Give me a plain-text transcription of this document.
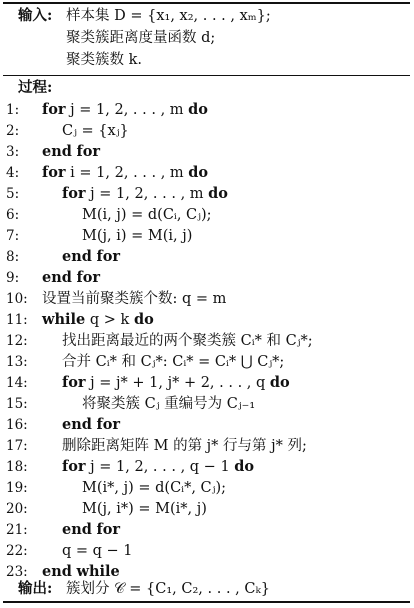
输入: 样本集 D = {x₁, x₂, . . . , xₘ};
聚类簇距离度量函数 d;
聚类簇数 k.
过程:
1:	for j = 1, 2, . . . , m do
2:	Cⱼ = {xⱼ}
3:	end for
4:	for i = 1, 2, . . . , m do
5:	for j = 1, 2, . . . , m do
6:	M(i, j) = d(Cᵢ, Cⱼ);
7:	M(j, i) = M(i, j)
8:	end for
9:	end for
10: 设置当前聚类簇个数: q = m
11: while q > k do
12:	找出距离最近的两个聚类簇 Cᵢ* 和 Cⱼ*;
13:	合并 Cᵢ* 和 Cⱼ*: Cᵢ* = Cᵢ* ⋃ Cⱼ*;
14:	for j = j* + 1, j* + 2, . . . , q do
15:	将聚类簇 Cⱼ 重编号为 Cⱼ₋₁
16:	end for
17:	删除距离矩阵 M 的第 j* 行与第 j* 列;
18:	for j = 1, 2, . . . , q − 1 do
19:	M(i*, j) = d(Cᵢ*, Cⱼ);
20:	M(j, i*) = M(i*, j)
21:	end for
22:	q = q − 1
23: end while
输出: 簇划分 𝒞 = {C₁, C₂, . . . , Cₖ}
